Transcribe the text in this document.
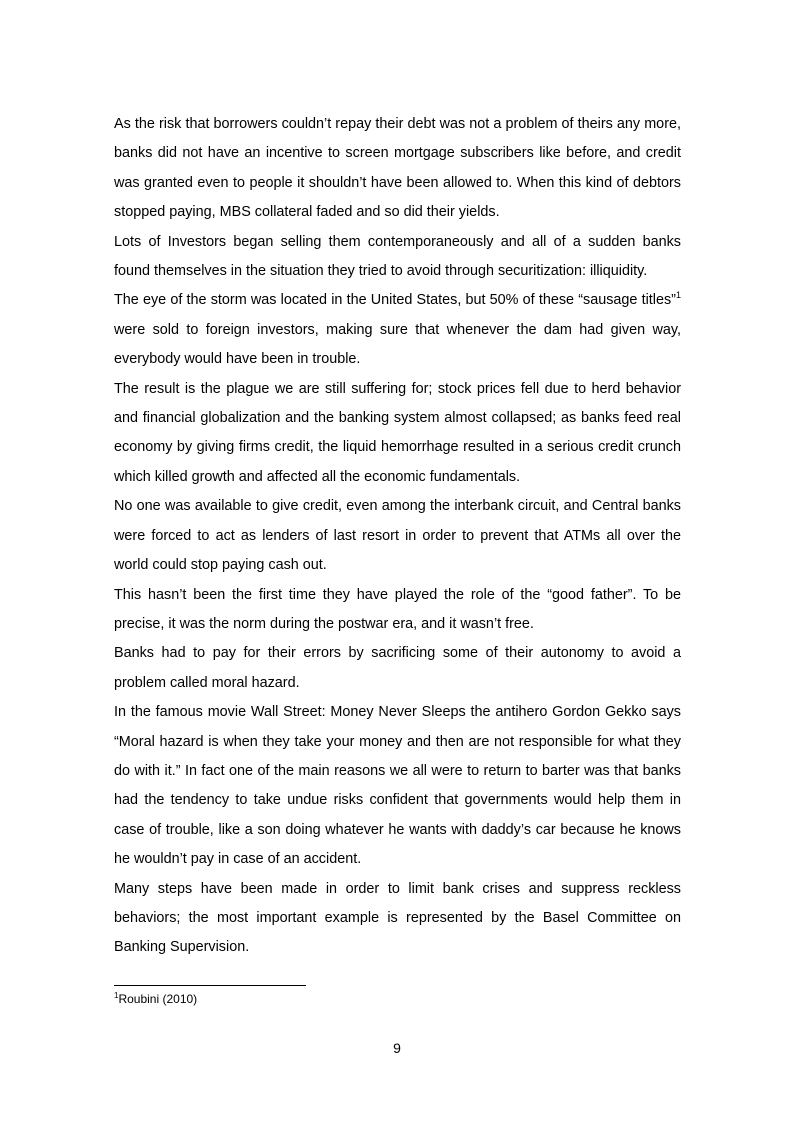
As the risk that borrowers couldn’t repay their debt was not a problem of theirs any more, banks did not have an incentive to screen mortgage subscribers like before, and credit was granted even to people it shouldn’t have been allowed to. When this kind of debtors stopped paying, MBS collateral faded and so did their yields.

Lots of Investors began selling them contemporaneously and all of a sudden banks found themselves in the situation they tried to avoid through securitization: illiquidity.

The eye of the storm was located in the United States, but 50% of these “sausage titles”$^1$ were sold to foreign investors, making sure that whenever the dam had given way, everybody would have been in trouble.

The result is the plague we are still suffering for; stock prices fell due to herd behavior and financial globalization and the banking system almost collapsed; as banks feed real economy by giving firms credit, the liquid hemorrhage resulted in a serious credit crunch which killed growth and affected all the economic fundamentals.

No one was available to give credit, even among the interbank circuit, and Central banks were forced to act as lenders of last resort in order to prevent that ATMs all over the world could stop paying cash out.

This hasn’t been the first time they have played the role of the “good father”. To be precise, it was the norm during the postwar era, and it wasn’t free.

Banks had to pay for their errors by sacrificing some of their autonomy to avoid a problem called moral hazard.

In the famous movie Wall Street: Money Never Sleeps the antihero Gordon Gekko says “Moral hazard is when they take your money and then are not responsible for what they do with it.” In fact one of the main reasons we all were to return to barter was that banks had the tendency to take undue risks confident that governments would help them in case of trouble, like a son doing whatever he wants with daddy’s car because he knows he wouldn’t pay in case of an accident.

Many steps have been made in order to limit bank crises and suppress reckless behaviors; the most important example is represented by the Basel Committee on Banking Supervision.

$^1$Roubini (2010)
9
